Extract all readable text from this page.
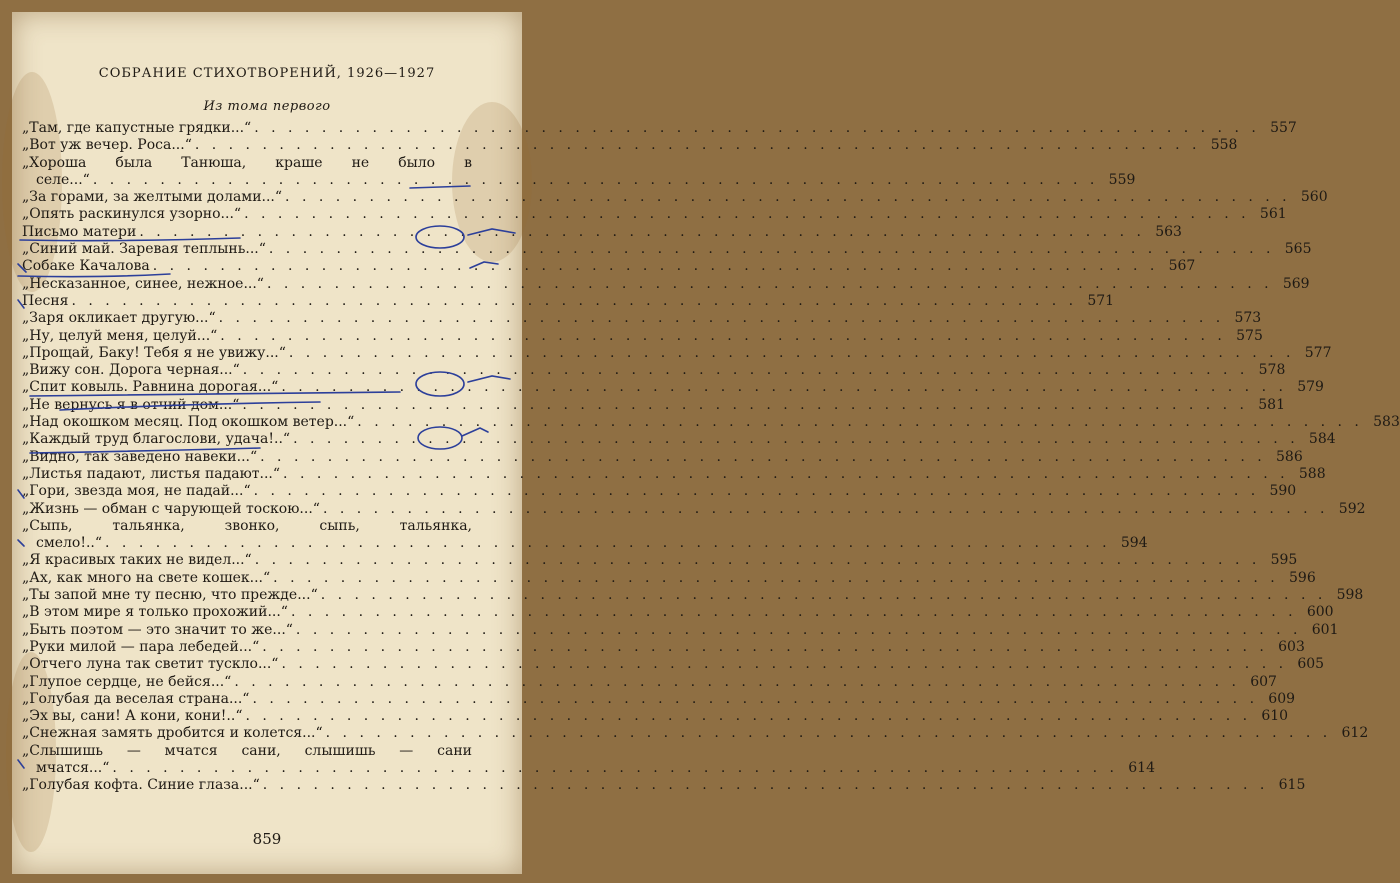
СОБРАНИЕ СТИХОТВОРЕНИЙ, 1926—1927
Из тома первого
„Там, где капустные грядки...“ . . . . . . . . . . . . . . . . . . . . . . . . . . . . . . . . . . . . . . . . . . . . . . . . . . . . . . . . . . . . 557
„Вот уж вечер. Роса...“ . . . . . . . . . . . . . . . . . . . . . . . . . . . . . . . . . . . . . . . . . . . . . . . . . . . . . . . . . . . . 558
„Хороша была Танюша, краше не было в
селе...“ . . . . . . . . . . . . . . . . . . . . . . . . . . . . . . . . . . . . . . . . . . . . . . . . . . . . . . . . . . . . 559
„За горами, за желтыми долами...“ . . . . . . . . . . . . . . . . . . . . . . . . . . . . . . . . . . . . . . . . . . . . . . . . . . . . . . . . . . . . 560
„Опять раскинулся узорно...“ . . . . . . . . . . . . . . . . . . . . . . . . . . . . . . . . . . . . . . . . . . . . . . . . . . . . . . . . . . . . 561
Письмо матери . . . . . . . . . . . . . . . . . . . . . . . . . . . . . . . . . . . . . . . . . . . . . . . . . . . . . . . . . . . . 563
„Синий май. Заревая теплынь...“ . . . . . . . . . . . . . . . . . . . . . . . . . . . . . . . . . . . . . . . . . . . . . . . . . . . . . . . . . . . . 565
Собаке Качалова . . . . . . . . . . . . . . . . . . . . . . . . . . . . . . . . . . . . . . . . . . . . . . . . . . . . . . . . . . . . 567
„Несказанное, синее, нежное...“ . . . . . . . . . . . . . . . . . . . . . . . . . . . . . . . . . . . . . . . . . . . . . . . . . . . . . . . . . . . . 569
Песня . . . . . . . . . . . . . . . . . . . . . . . . . . . . . . . . . . . . . . . . . . . . . . . . . . . . . . . . . . . . 571
„Заря окликает другую...“ . . . . . . . . . . . . . . . . . . . . . . . . . . . . . . . . . . . . . . . . . . . . . . . . . . . . . . . . . . . . 573
„Ну, целуй меня, целуй...“ . . . . . . . . . . . . . . . . . . . . . . . . . . . . . . . . . . . . . . . . . . . . . . . . . . . . . . . . . . . . 575
„Прощай, Баку! Тебя я не увижу...“ . . . . . . . . . . . . . . . . . . . . . . . . . . . . . . . . . . . . . . . . . . . . . . . . . . . . . . . . . . . . 577
„Вижу сон. Дорога черная...“ . . . . . . . . . . . . . . . . . . . . . . . . . . . . . . . . . . . . . . . . . . . . . . . . . . . . . . . . . . . . 578
„Спит ковыль. Равнина дорогая...“ . . . . . . . . . . . . . . . . . . . . . . . . . . . . . . . . . . . . . . . . . . . . . . . . . . . . . . . . . . . . 579
„Не вернусь я в отчий дом...“ . . . . . . . . . . . . . . . . . . . . . . . . . . . . . . . . . . . . . . . . . . . . . . . . . . . . . . . . . . . . 581
„Над окошком месяц. Под окошком ветер...“ . . . . . . . . . . . . . . . . . . . . . . . . . . . . . . . . . . . . . . . . . . . . . . . . . . . . . . . . . . . . 583
„Каждый труд благослови, удача!..“ . . . . . . . . . . . . . . . . . . . . . . . . . . . . . . . . . . . . . . . . . . . . . . . . . . . . . . . . . . . . 584
„Видно, так заведено навеки...“ . . . . . . . . . . . . . . . . . . . . . . . . . . . . . . . . . . . . . . . . . . . . . . . . . . . . . . . . . . . . 586
„Листья падают, листья падают...“ . . . . . . . . . . . . . . . . . . . . . . . . . . . . . . . . . . . . . . . . . . . . . . . . . . . . . . . . . . . . 588
„Гори, звезда моя, не падай...“ . . . . . . . . . . . . . . . . . . . . . . . . . . . . . . . . . . . . . . . . . . . . . . . . . . . . . . . . . . . . 590
„Жизнь — обман с чарующей тоскою...“ . . . . . . . . . . . . . . . . . . . . . . . . . . . . . . . . . . . . . . . . . . . . . . . . . . . . . . . . . . . . 592
„Сыпь, тальянка, звонко, сыпь, тальянка,
смело!..“ . . . . . . . . . . . . . . . . . . . . . . . . . . . . . . . . . . . . . . . . . . . . . . . . . . . . . . . . . . . . 594
„Я красивых таких не видел...“ . . . . . . . . . . . . . . . . . . . . . . . . . . . . . . . . . . . . . . . . . . . . . . . . . . . . . . . . . . . . 595
„Ах, как много на свете кошек...“ . . . . . . . . . . . . . . . . . . . . . . . . . . . . . . . . . . . . . . . . . . . . . . . . . . . . . . . . . . . . 596
„Ты запой мне ту песню, что прежде...“ . . . . . . . . . . . . . . . . . . . . . . . . . . . . . . . . . . . . . . . . . . . . . . . . . . . . . . . . . . . . 598
„В этом мире я только прохожий...“ . . . . . . . . . . . . . . . . . . . . . . . . . . . . . . . . . . . . . . . . . . . . . . . . . . . . . . . . . . . . 600
„Быть поэтом — это значит то же...“ . . . . . . . . . . . . . . . . . . . . . . . . . . . . . . . . . . . . . . . . . . . . . . . . . . . . . . . . . . . . 601
„Руки милой — пара лебедей...“ . . . . . . . . . . . . . . . . . . . . . . . . . . . . . . . . . . . . . . . . . . . . . . . . . . . . . . . . . . . . 603
„Отчего луна так светит тускло...“ . . . . . . . . . . . . . . . . . . . . . . . . . . . . . . . . . . . . . . . . . . . . . . . . . . . . . . . . . . . . 605
„Глупое сердце, не бейся...“ . . . . . . . . . . . . . . . . . . . . . . . . . . . . . . . . . . . . . . . . . . . . . . . . . . . . . . . . . . . . 607
„Голубая да веселая страна...“ . . . . . . . . . . . . . . . . . . . . . . . . . . . . . . . . . . . . . . . . . . . . . . . . . . . . . . . . . . . . 609
„Эх вы, сани! А кони, кони!..“ . . . . . . . . . . . . . . . . . . . . . . . . . . . . . . . . . . . . . . . . . . . . . . . . . . . . . . . . . . . . 610
„Снежная замять дробится и колется...“ . . . . . . . . . . . . . . . . . . . . . . . . . . . . . . . . . . . . . . . . . . . . . . . . . . . . . . . . . . . . 612
„Слышишь — мчатся сани, слышишь — сани
мчатся...“ . . . . . . . . . . . . . . . . . . . . . . . . . . . . . . . . . . . . . . . . . . . . . . . . . . . . . . . . . . . . 614
„Голубая кофта. Синие глаза...“ . . . . . . . . . . . . . . . . . . . . . . . . . . . . . . . . . . . . . . . . . . . . . . . . . . . . . . . . . . . . 615
859
